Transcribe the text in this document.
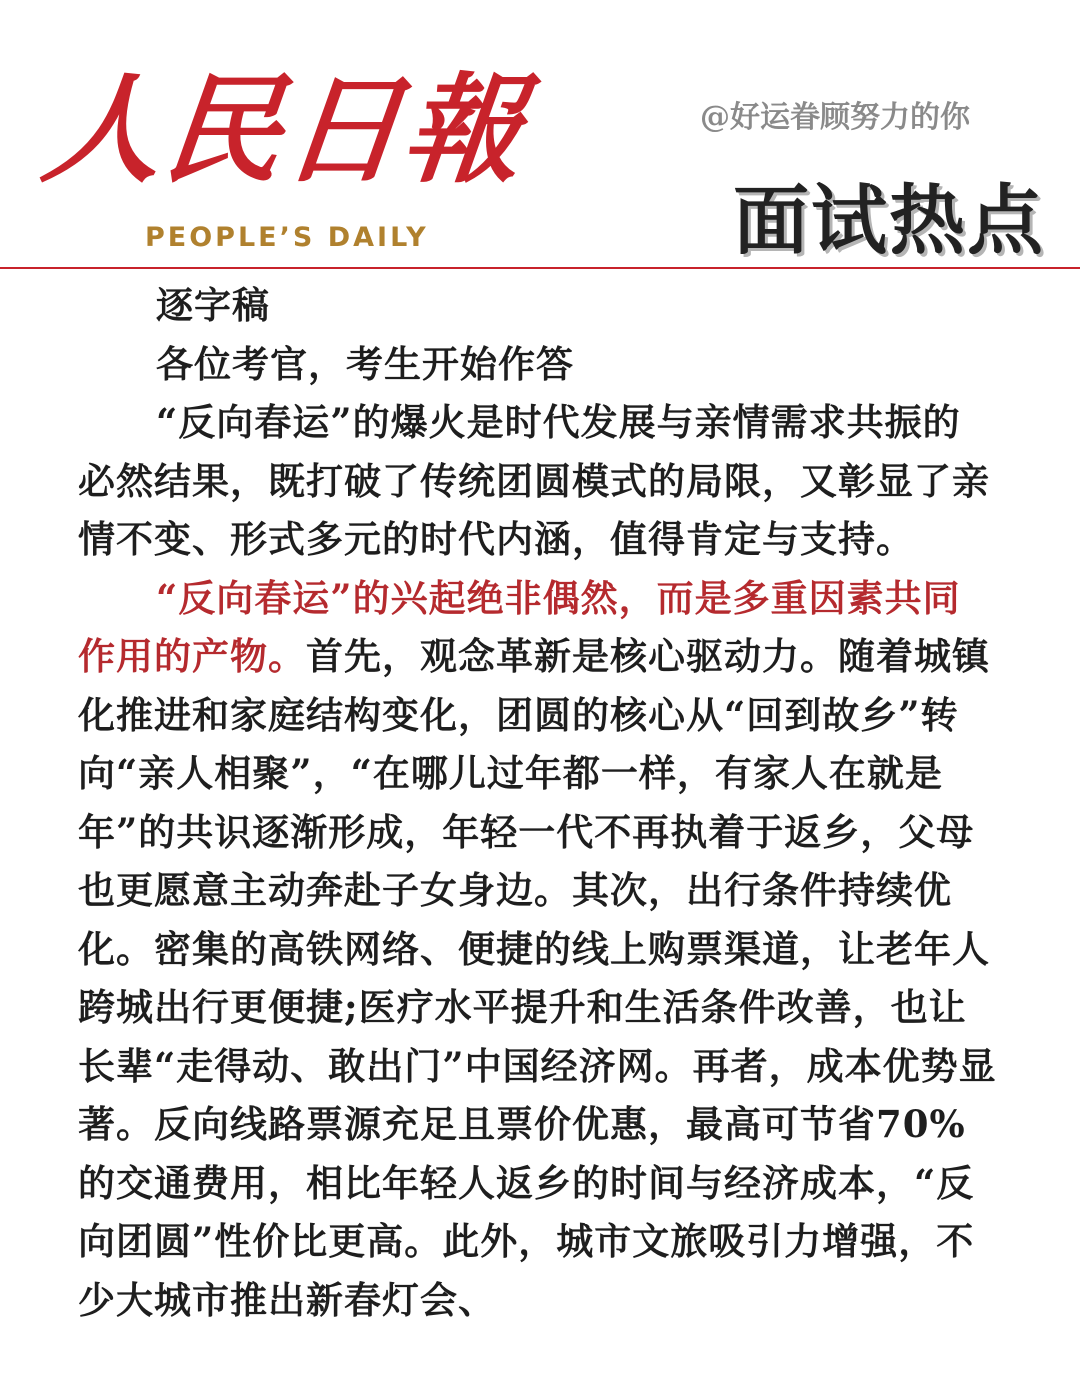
人民日報
PEOPLE’S DAILY
@好运眷顾努力的你
面试热点

逐字稿

各位考官，考生开始作答

“反向春运”的爆火是时代发展与亲情需求共振的必然结果，既打破了传统团圆模式的局限，又彰显了亲情不变、形式多元的时代内涵，值得肯定与支持。

“反向春运”的兴起绝非偶然，而是多重因素共同作用的产物。首先，观念革新是核心驱动力。随着城镇化推进和家庭结构变化，团圆的核心从“回到故乡”转向“亲人相聚”，“在哪儿过年都一样，有家人在就是年”的共识逐渐形成，年轻一代不再执着于返乡，父母也更愿意主动奔赴子女身边。其次，出行条件持续优化。密集的高铁网络、便捷的线上购票渠道，让老年人跨城出行更便捷;医疗水平提升和生活条件改善，也让长辈“走得动、敢出门”中国经济网。再者，成本优势显著。反向线路票源充足且票价优惠，最高可节省70%的交通费用，相比年轻人返乡的时间与经济成本，“反向团圆”性价比更高。此外，城市文旅吸引力增强，不少大城市推出新春灯会、
